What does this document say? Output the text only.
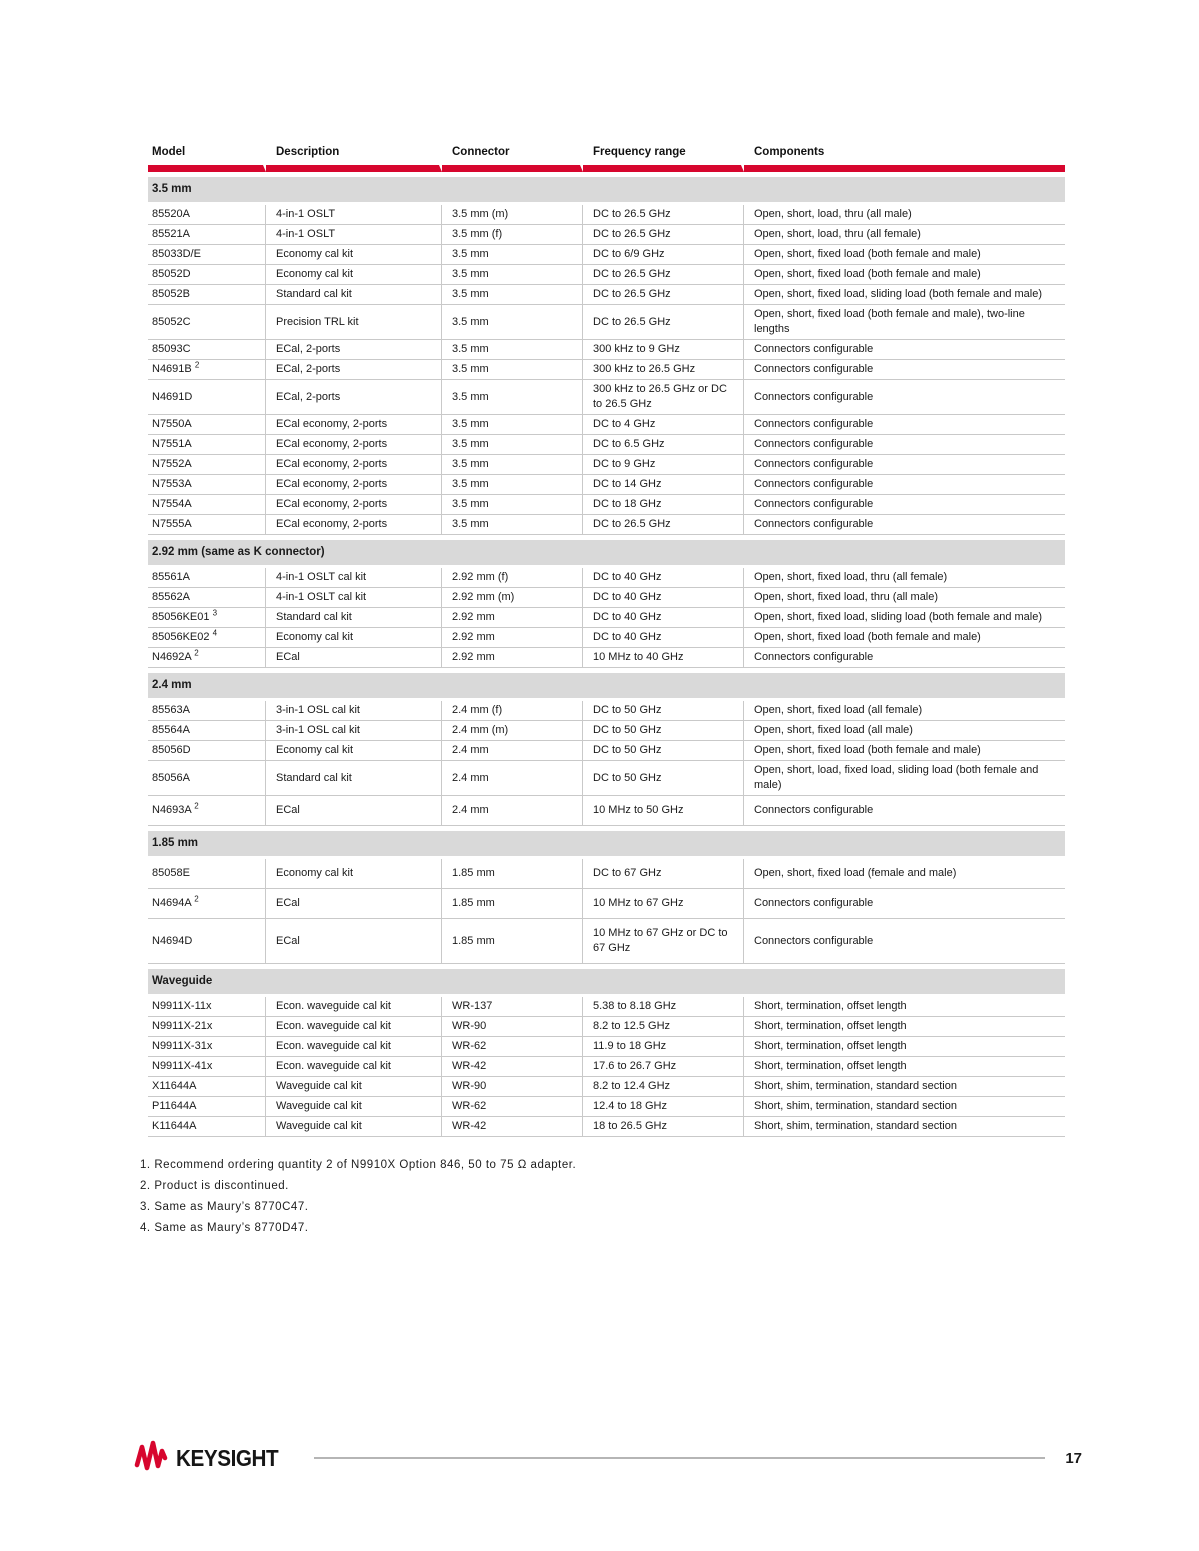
Model	Description	Connector	Frequency range	Components
3.5 mm				
85520A	4-in-1 OSLT	3.5 mm (m)	DC to 26.5 GHz	Open, short, load, thru (all male)
85521A	4-in-1 OSLT	3.5 mm (f)	DC to 26.5 GHz	Open, short, load, thru (all female)
85033D/E	Economy cal kit	3.5 mm	DC to 6/9 GHz	Open, short, fixed load (both female and male)
85052D	Economy cal kit	3.5 mm	DC to 26.5 GHz	Open, short, fixed load (both female and male)
85052B	Standard cal kit	3.5 mm	DC to 26.5 GHz	Open, short, fixed load, sliding load (both female and male)
85052C	Precision TRL kit	3.5 mm	DC to 26.5 GHz	Open, short, fixed load (both female and male), two-line lengths
85093C	ECal, 2-ports	3.5 mm	300 kHz to 9 GHz	Connectors configurable
N4691B $^2$	ECal, 2-ports	3.5 mm	300 kHz to 26.5 GHz	Connectors configurable
N4691D	ECal, 2-ports	3.5 mm	300 kHz to 26.5 GHz or DC to 26.5 GHz	Connectors configurable
N7550A	ECal economy, 2-ports	3.5 mm	DC to 4 GHz	Connectors configurable
N7551A	ECal economy, 2-ports	3.5 mm	DC to 6.5 GHz	Connectors configurable
N7552A	ECal economy, 2-ports	3.5 mm	DC to 9 GHz	Connectors configurable
N7553A	ECal economy, 2-ports	3.5 mm	DC to 14 GHz	Connectors configurable
N7554A	ECal economy, 2-ports	3.5 mm	DC to 18 GHz	Connectors configurable
N7555A	ECal economy, 2-ports	3.5 mm	DC to 26.5 GHz	Connectors configurable
2.92 mm (same as K connector)				
85561A	4-in-1 OSLT cal kit	2.92 mm (f)	DC to 40 GHz	Open, short, fixed load, thru (all female)
85562A	4-in-1 OSLT cal kit	2.92 mm (m)	DC to 40 GHz	Open, short, fixed load, thru (all male)
85056KE01 $^3$	Standard cal kit	2.92 mm	DC to 40 GHz	Open, short, fixed load, sliding load (both female and male)
85056KE02 $^4$	Economy cal kit	2.92 mm	DC to 40 GHz	Open, short, fixed load (both female and male)
N4692A $^2$	ECal	2.92 mm	10 MHz to 40 GHz	Connectors configurable
2.4 mm				
85563A	3-in-1 OSL cal kit	2.4 mm (f)	DC to 50 GHz	Open, short, fixed load (all female)
85564A	3-in-1 OSL cal kit	2.4 mm (m)	DC to 50 GHz	Open, short, fixed load (all male)
85056D	Economy cal kit	2.4 mm	DC to 50 GHz	Open, short, fixed load (both female and male)
85056A	Standard cal kit	2.4 mm	DC to 50 GHz	Open, short, load, fixed load, sliding load (both female and male)
N4693A $^2$	ECal	2.4 mm	10 MHz to 50 GHz	Connectors configurable
1.85 mm				
85058E	Economy cal kit	1.85 mm	DC to 67 GHz	Open, short, fixed load (female and male)
N4694A $^2$	ECal	1.85 mm	10 MHz to 67 GHz	Connectors configurable
N4694D	ECal	1.85 mm	10 MHz to 67 GHz or DC to 67 GHz	Connectors configurable
Waveguide				
N9911X-11x	Econ. waveguide cal kit	WR-137	5.38 to 8.18 GHz	Short, termination, offset length
N9911X-21x	Econ. waveguide cal kit	WR-90	8.2 to 12.5 GHz	Short, termination, offset length
N9911X-31x	Econ. waveguide cal kit	WR-62	11.9 to 18 GHz	Short, termination, offset length
N9911X-41x	Econ. waveguide cal kit	WR-42	17.6 to 26.7 GHz	Short, termination, offset length
X11644A	Waveguide cal kit	WR-90	8.2 to 12.4 GHz	Short, shim, termination, standard section
P11644A	Waveguide cal kit	WR-62	12.4 to 18 GHz	Short, shim, termination, standard section
K11644A	Waveguide cal kit	WR-42	18 to 26.5 GHz	Short, shim, termination, standard section
1. Recommend ordering quantity 2 of N9910X Option 846, 50 to 75 Ω adapter.
2. Product is discontinued.
3. Same as Maury’s 8770C47.
4. Same as Maury’s 8770D47.
KEYSIGHT	17
